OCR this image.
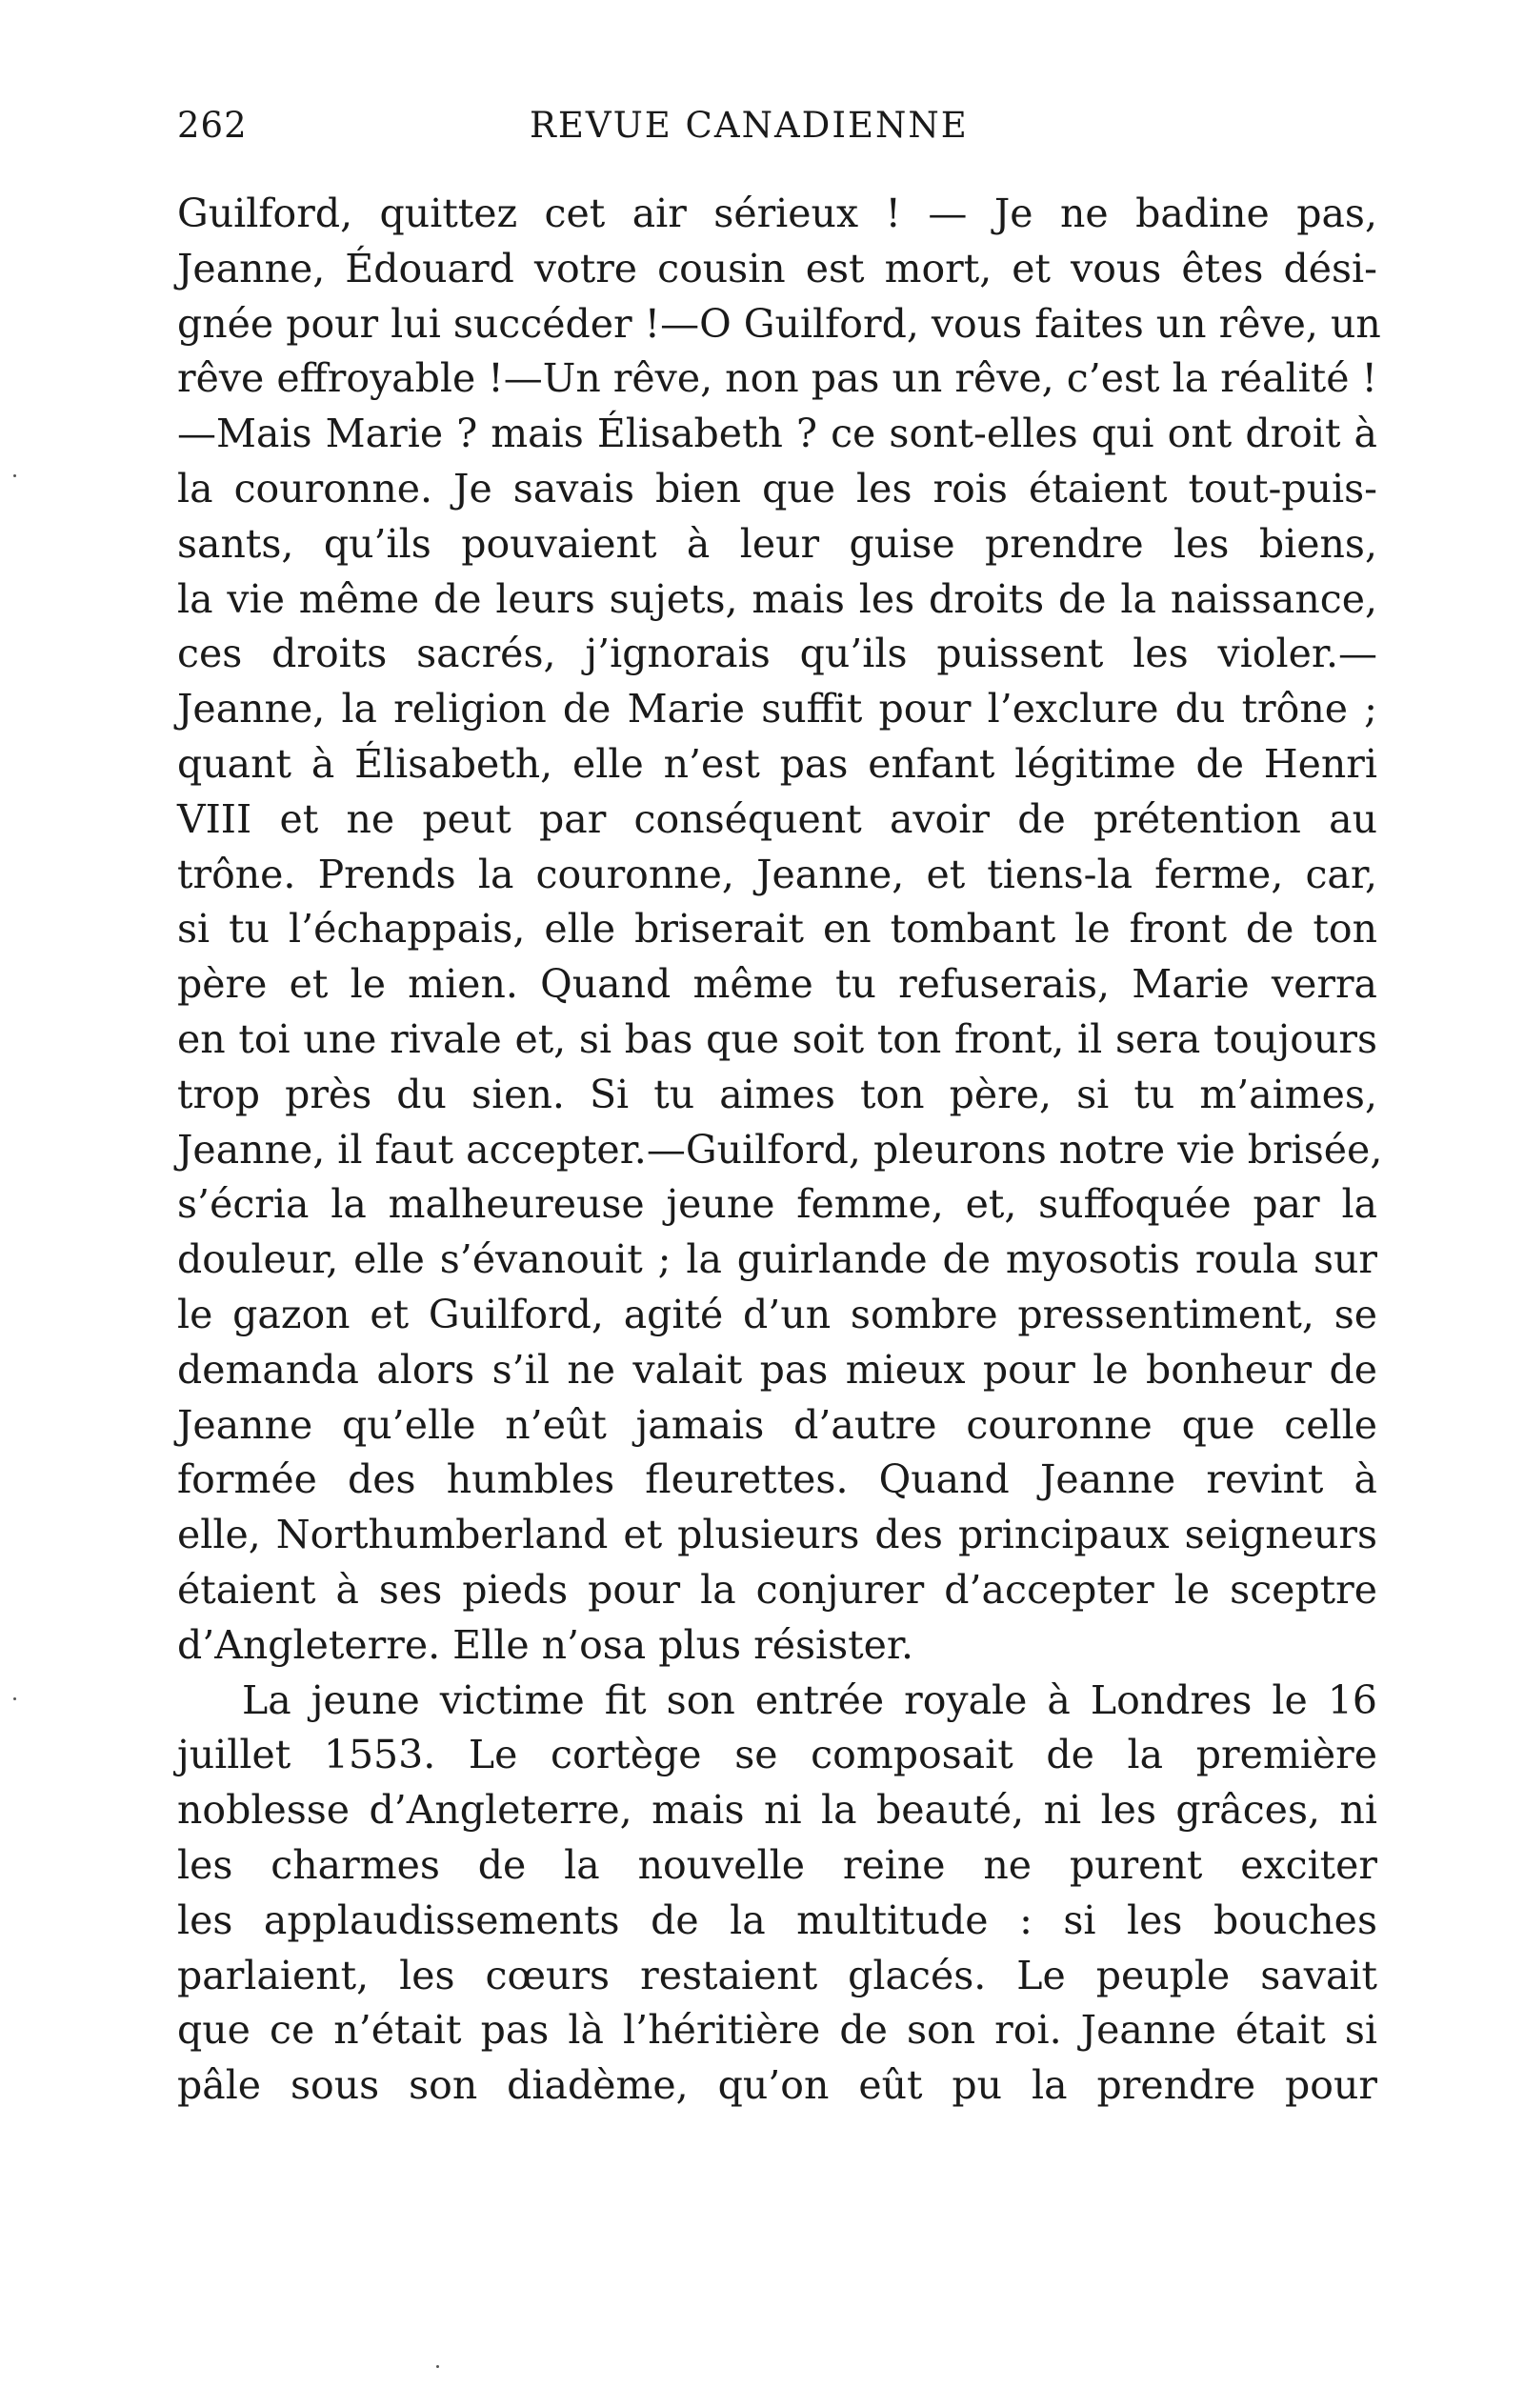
262	REVUE CANADIENNE
Guilford, quittez cet air sérieux ! — Je ne badine pas,
Jeanne, Édouard votre cousin est mort, et vous êtes dési-
gnée pour lui succéder !—O Guilford, vous faites un rêve, un
rêve effroyable !—Un rêve, non pas un rêve, c’est la réalité !
—Mais Marie ? mais Élisabeth ? ce sont-elles qui ont droit à
la couronne. Je savais bien que les rois étaient tout-puis-
sants, qu’ils pouvaient à leur guise prendre les biens,
la vie même de leurs sujets, mais les droits de la naissance,
ces droits sacrés, j’ignorais qu’ils puissent les violer.—
Jeanne, la religion de Marie suffit pour l’exclure du trône ;
quant à Élisabeth, elle n’est pas enfant légitime de Henri
VIII et ne peut par conséquent avoir de prétention au
trône. Prends la couronne, Jeanne, et tiens-la ferme, car,
si tu l’échappais, elle briserait en tombant le front de ton
père et le mien. Quand même tu refuserais, Marie verra
en toi une rivale et, si bas que soit ton front, il sera toujours
trop près du sien. Si tu aimes ton père, si tu m’aimes,
Jeanne, il faut accepter.—Guilford, pleurons notre vie brisée,
s’écria la malheureuse jeune femme, et, suffoquée par la
douleur, elle s’évanouit ; la guirlande de myosotis roula sur
le gazon et Guilford, agité d’un sombre pressentiment, se
demanda alors s’il ne valait pas mieux pour le bonheur de
Jeanne qu’elle n’eût jamais d’autre couronne que celle
formée des humbles fleurettes. Quand Jeanne revint à
elle, Northumberland et plusieurs des principaux seigneurs
étaient à ses pieds pour la conjurer d’accepter le sceptre
d’Angleterre. Elle n’osa plus résister.
La jeune victime fit son entrée royale à Londres le 16
juillet 1553. Le cortège se composait de la première
noblesse d’Angleterre, mais ni la beauté, ni les grâces, ni
les charmes de la nouvelle reine ne purent exciter
les applaudissements de la multitude : si les bouches
parlaient, les cœurs restaient glacés. Le peuple savait
que ce n’était pas là l’héritière de son roi. Jeanne était si
pâle sous son diadème, qu’on eût pu la prendre pour
